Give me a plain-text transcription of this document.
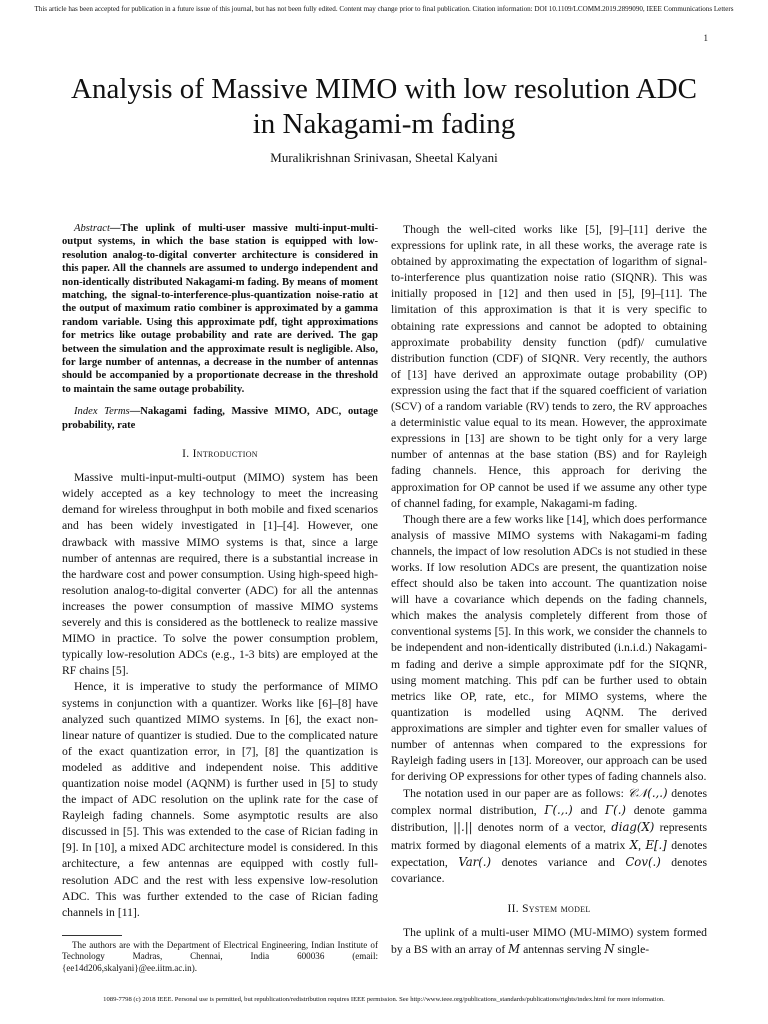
This article has been accepted for publication in a future issue of this journal, but has not been fully edited. Content may change prior to final publication. Citation information: DOI 10.1109/LCOMM.2019.2899090, IEEE Communications Letters
1
Analysis of Massive MIMO with low resolution ADC in Nakagami-m fading
Muralikrishnan Srinivasan, Sheetal Kalyani
Abstract—The uplink of multi-user massive multi-input-multi-output systems, in which the base station is equipped with low-resolution analog-to-digital converter architecture is considered in this paper. All the channels are assumed to undergo independent and non-identically distributed Nakagami-m fading. By means of moment matching, the signal-to-interference-plus-quantization noise-ratio at the output of maximum ratio combiner is approximated by a gamma random variable. Using this approximate pdf, tight approximations for metrics like outage probability and rate are derived. The gap between the simulation and the approximate result is negligible. Also, for large number of antennas, a decrease in the number of antennas should be accompanied by a proportionate decrease in the threshold to maintain the same outage probability.
Index Terms—Nakagami fading, Massive MIMO, ADC, outage probability, rate
I. Introduction

Massive multi-input-multi-output (MIMO) system has been widely accepted as a key technology to meet the increasing demand for wireless throughput in both mobile and fixed scenarios and has been widely investigated in [1]–[4]. However, one drawback with massive MIMO systems is that, since a large number of antennas are required, there is a substantial increase in the hardware cost and power consumption. Using high-speed high-resolution analog-to-digital converter (ADC) for all the antennas increases the power consumption of massive MIMO systems severely and this is considered as the bottleneck to realize massive MIMO in practice. To solve the power consumption problem, typically low-resolution ADCs (e.g., 1-3 bits) are employed at the RF chains [5].

Hence, it is imperative to study the performance of MIMO systems in conjunction with a quantizer. Works like [6]–[8] have analyzed such quantized MIMO systems. In [6], the exact non-linear nature of quantizer is studied. Due to the complicated nature of the exact quantization error, in [7], [8] the quantization is modeled as additive and independent noise. This additive quantization noise model (AQNM) is further used in [5] to study the impact of ADC resolution on the uplink rate for the case of Rayleigh fading channels. Some asymptotic results are also discussed in [5]. This was extended to the case of Rician fading in [9]. In [10], a mixed ADC architecture model is considered. In this architecture, a few antennas are equipped with costly full-resolution ADC and the rest with less expensive low-resolution ADC. This was further extended to the case of Rician fading channels in [11].

The authors are with the Department of Electrical Engineering, Indian Institute of Technology Madras, Chennai, India 600036 (email:{ee14d206,skalyani}@ee.iitm.ac.in).

Though the well-cited works like [5], [9]–[11] derive the expressions for uplink rate, in all these works, the average rate is obtained by approximating the expectation of logarithm of signal-to-interference plus quantization noise ratio (SIQNR). This was initially proposed in [12] and then used in [5], [9]–[11]. The limitation of this approximation is that it is very specific to obtaining rate expressions and cannot be adopted to obtaining approximate probability density function (pdf)/ cumulative distribution function (CDF) of SIQNR. Very recently, the authors of [13] have derived an approximate outage probability (OP) expression using the fact that if the squared coefficient of variation (SCV) of a random variable (RV) tends to zero, the RV approaches a deterministic value equal to its mean. However, the approximate expressions in [13] are shown to be tight only for a very large number of antennas at the base station (BS) and for Rayleigh fading channels. Hence, this approach for deriving the approximation for OP cannot be used if we assume any other type of channel fading, for example, Nakagami-m fading.

Though there are a few works like [14], which does performance analysis of massive MIMO systems with Nakagami-m fading channels, the impact of low resolution ADCs is not studied in these works. If low resolution ADCs are present, the quantization noise effect should also be taken into account. The quantization noise will have a covariance which depends on the fading channels, which makes the analysis completely different from those of conventional systems [5]. In this work, we consider the channels to be independent and non-identically distributed (i.n.i.d.) Nakagami-m fading and derive a simple approximate pdf for the SIQNR, using moment matching. This pdf can be further used to obtain metrics like OP, rate, etc., for MIMO systems, where the quantization is modelled using AQNM. The derived approximations are simpler and tighter even for smaller values of number of antennas when compared to the expressions for Rayleigh fading users in [13]. Moreover, our approach can be used for deriving OP expressions for other types of fading channels also.

The notation used in our paper are as follows: 𝒞𝒩(.,.) denotes complex normal distribution, Γ(.,.) and Γ(.) denote gamma distribution, ||.|| denotes norm of a vector, diag(X) represents matrix formed by diagonal elements of a matrix X, E[.] denotes expectation, Var(.) denotes variance and Cov(.) denotes covariance.

II. System model

The uplink of a multi-user MIMO (MU-MIMO) system formed by a BS with an array of M antennas serving N single-

1089-7798 (c) 2018 IEEE. Personal use is permitted, but republication/redistribution requires IEEE permission. See http://www.ieee.org/publications_standards/publications/rights/index.html for more information.
